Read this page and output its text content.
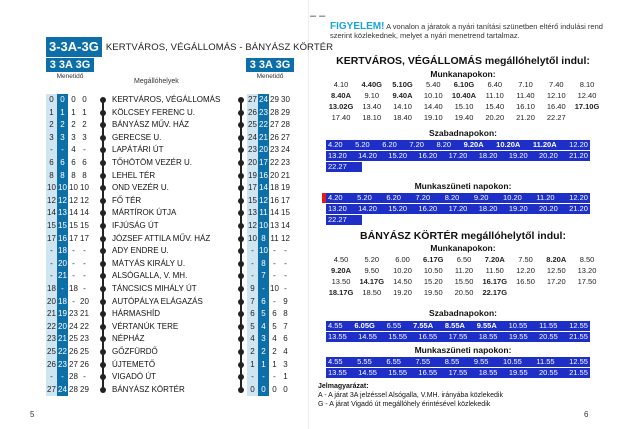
– –
3-3A-3G KERTVÁROS, VÉGÁLLOMÁS - BÁNYÁSZ KÖRTÉR
3 3A 3G
Menetidő
3 3A 3G
Menetidő
Megállóhelyek
0 0 0 0	KERTVÁROS, VÉGÁLLOMÁS	27 24 29 30
1 1 1 1	KÖLCSEY FERENC U.	26 23 28 29
2 2 2 2	BÁNYÁSZ MŰV. HÁZ	25 22 27 28
3 3 3 3	GERECSE U.	24 21 26 27
-	- 4 -	LAPÁTÁRI ÚT	23 20 23 24
6 6 6 6	TŐHÖTÖM VEZÉR U.	20 17 22 23
8 8 8 8	LEHEL TÉR	19 16 20 21
10 10 10 10	OND VEZÉR U.	17 14 18 19
12 12 12 12	FŐ TÉR	15 12 16 17
14 13 14 14	MÁRTÍROK ÚTJA	13 11 14 15
15 15 15 15	IFJÚSÁG ÚT	12 10 13 14
17 16 17 17	JÓZSEF ATTILA MŰV. HÁZ	10 8 11 12
- 18 -	-	ADY ENDRE U.	- 10 -	-
- 20 -	-	MÁTYÁS KIRÁLY U.	- 8 -	-
- 21 -	-	ALSÓGALLA, V. MH.	- 7 -	-
18 - 18 -	TÁNCSICS MIHÁLY ÚT	9 - 10 -
20 18 - 20	AUTÓPÁLYA ELÁGAZÁS	7 6 - 9
21 19 23 21	HÁRMASHÍD	6 5 6 8
22 20 24 22	VÉRTANÚK TERE	5 4 5 7
23 21 25 23	NÉPHÁZ	4 3 4 6
25 22 26 25	GŐZFÜRDŐ	2 2 2 4
26 23 27 26	ÚJTEMETŐ	1 1 1 3
-	- 28 -	VIGADÓ ÚT	-	-	- 1
27 24 28 29	BÁNYÁSZ KÖRTÉR	0 0 0 0
5
FIGYELEM! A vonalon a járatok a nyári tanítási szünetben eltérő indulási rend szerint közlekednek, melyet a nyári menetrend tartalmaz.
KERTVÁROS, VÉGÁLLOMÁS megállóhelytől indul:
Munkanapokon:
4.10	4.40G	5.10G	5.40	6.10G	6.40	7.10	7.40	8.10
8.40A	9.10	9.40A	10.10	10.40A	11.10	11.40	12.10	12.40
13.02G	13.40	14.10	14.40	15.10	15.40	16.10	16.40	17.10G
17.40	18.10	18.40	19.10	19.40	20.20	21.20	22.27
Szabadnapokon:
4.20 5.20 6.20 7.20 8.20 9.20A 10.20A 11.20A 12.20
13.20 14.20 15.20 16.20 17.20 18.20 19.20 20.20 21.20
22.27
Munkaszüneti napokon:
4.20 5.20 6.20 7.20 8.20 9.20 10.20 11.20 12.20
13.20 14.20 15.20 16.20 17.20 18.20 19.20 20.20 21.20
22.27
BÁNYÁSZ KÖRTÉR megállóhelytől indul:
Munkanapokon:
4.50	5.20	6.00	6.17G	6.50	7.20A	7.50	8.20A	8.50
9.20A	9.50	10.20	10.50	11.20	11.50	12.20	12.50	13.20
13.50	14.17G	14.50	15.20	15.50	16.17G	16.50	17.20	17.50
18.17G	18.50	19.20	19.50	20.50	22.17G
Szabadnapokon:
4.55 6.05G 6.55 7.55A 8.55A 9.55A 10.55 11.55 12.55
13.55 14.55 15.55 16.55 17.55 18.55 19.55 20.55 21.55
Munkaszüneti napokon:
4.55 5.55 6.55 7.55 8.55 9.55 10.55 11.55 12.55
13.55 14.55 15.55 16.55 17.55 18.55 19.55 20.55 21.55
Jelmagyarázat:
A - A járat 3A jelzéssel Alsógalla, V.MH. irányába közlekedik
G - A járat Vigadó út megállóhely érintésével közlekedik
6
